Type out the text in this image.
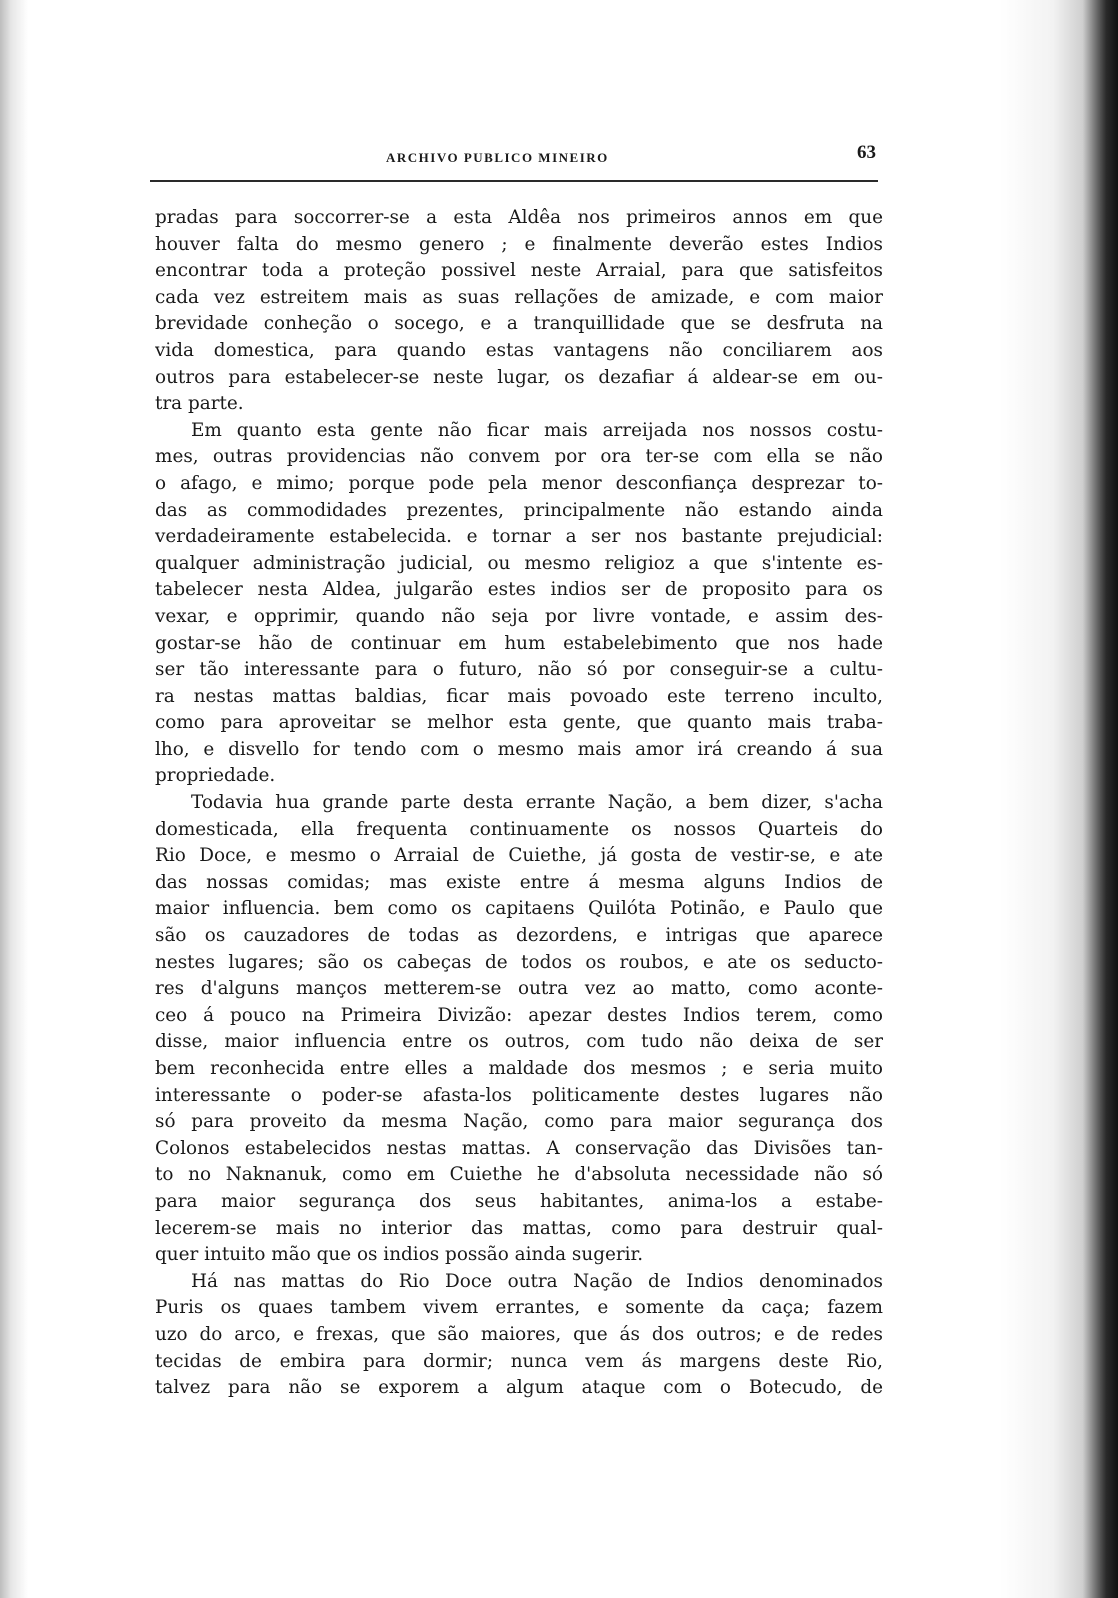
ARCHIVO PUBLICO MINEIRO	63
pradas para soccorrer-se a esta Aldêa nos primeiros annos em que
houver falta do mesmo genero ; e finalmente deverão estes Indios
encontrar toda a proteção possivel neste Arraial, para que satisfeitos
cada vez estreitem mais as suas rellações de amizade, e com maior
brevidade conheção o socego, e a tranquillidade que se desfruta na
vida domestica, para quando estas vantagens não conciliarem aos
outros para estabelecer-se neste lugar, os dezafiar á aldear-se em ou-
tra parte.
Em quanto esta gente não ficar mais arreijada nos nossos costu-
mes, outras providencias não convem por ora ter-se com ella se não
o afago, e mimo; porque pode pela menor desconfiança desprezar to-
das as commodidades prezentes, principalmente não estando ainda
verdadeiramente estabelecida. e tornar a ser nos bastante prejudicial:
qualquer administração judicial, ou mesmo religioz a que s'intente es-
tabelecer nesta Aldea, julgarão estes indios ser de proposito para os
vexar, e opprimir, quando não seja por livre vontade, e assim des-
gostar-se hão de continuar em hum estabelebimento que nos hade
ser tão interessante para o futuro, não só por conseguir-se a cultu-
ra nestas mattas baldias, ficar mais povoado este terreno inculto,
como para aproveitar se melhor esta gente, que quanto mais traba-
lho, e disvello for tendo com o mesmo mais amor irá creando á sua
propriedade.
Todavia hua grande parte desta errante Nação, a bem dizer, s'acha
domesticada, ella frequenta continuamente os nossos Quarteis do
Rio Doce, e mesmo o Arraial de Cuiethe, já gosta de vestir-se, e ate
das nossas comidas; mas existe entre á mesma alguns Indios de
maior influencia. bem como os capitaens Quilóta Potinão, e Paulo que
são os cauzadores de todas as dezordens, e intrigas que aparece
nestes lugares; são os cabeças de todos os roubos, e ate os seducto-
res d'alguns manços metterem-se outra vez ao matto, como aconte-
ceo á pouco na Primeira Divizão: apezar destes Indios terem, como
disse, maior influencia entre os outros, com tudo não deixa de ser
bem reconhecida entre elles a maldade dos mesmos ; e seria muito
interessante o poder-se afasta-los politicamente destes lugares não
só para proveito da mesma Nação, como para maior segurança dos
Colonos estabelecidos nestas mattas. A conservação das Divisões tan-
to no Naknanuk, como em Cuiethe he d'absoluta necessidade não só
para maior segurança dos seus habitantes, anima-los a estabe-
lecerem-se mais no interior das mattas, como para destruir qual-
quer intuito mão que os indios possão ainda sugerir.
Há nas mattas do Rio Doce outra Nação de Indios denominados
Puris os quaes tambem vivem errantes, e somente da caça; fazem
uzo do arco, e frexas, que são maiores, que ás dos outros; e de redes
tecidas de embira para dormir; nunca vem ás margens deste Rio,
talvez para não se exporem a algum ataque com o Botecudo, de
